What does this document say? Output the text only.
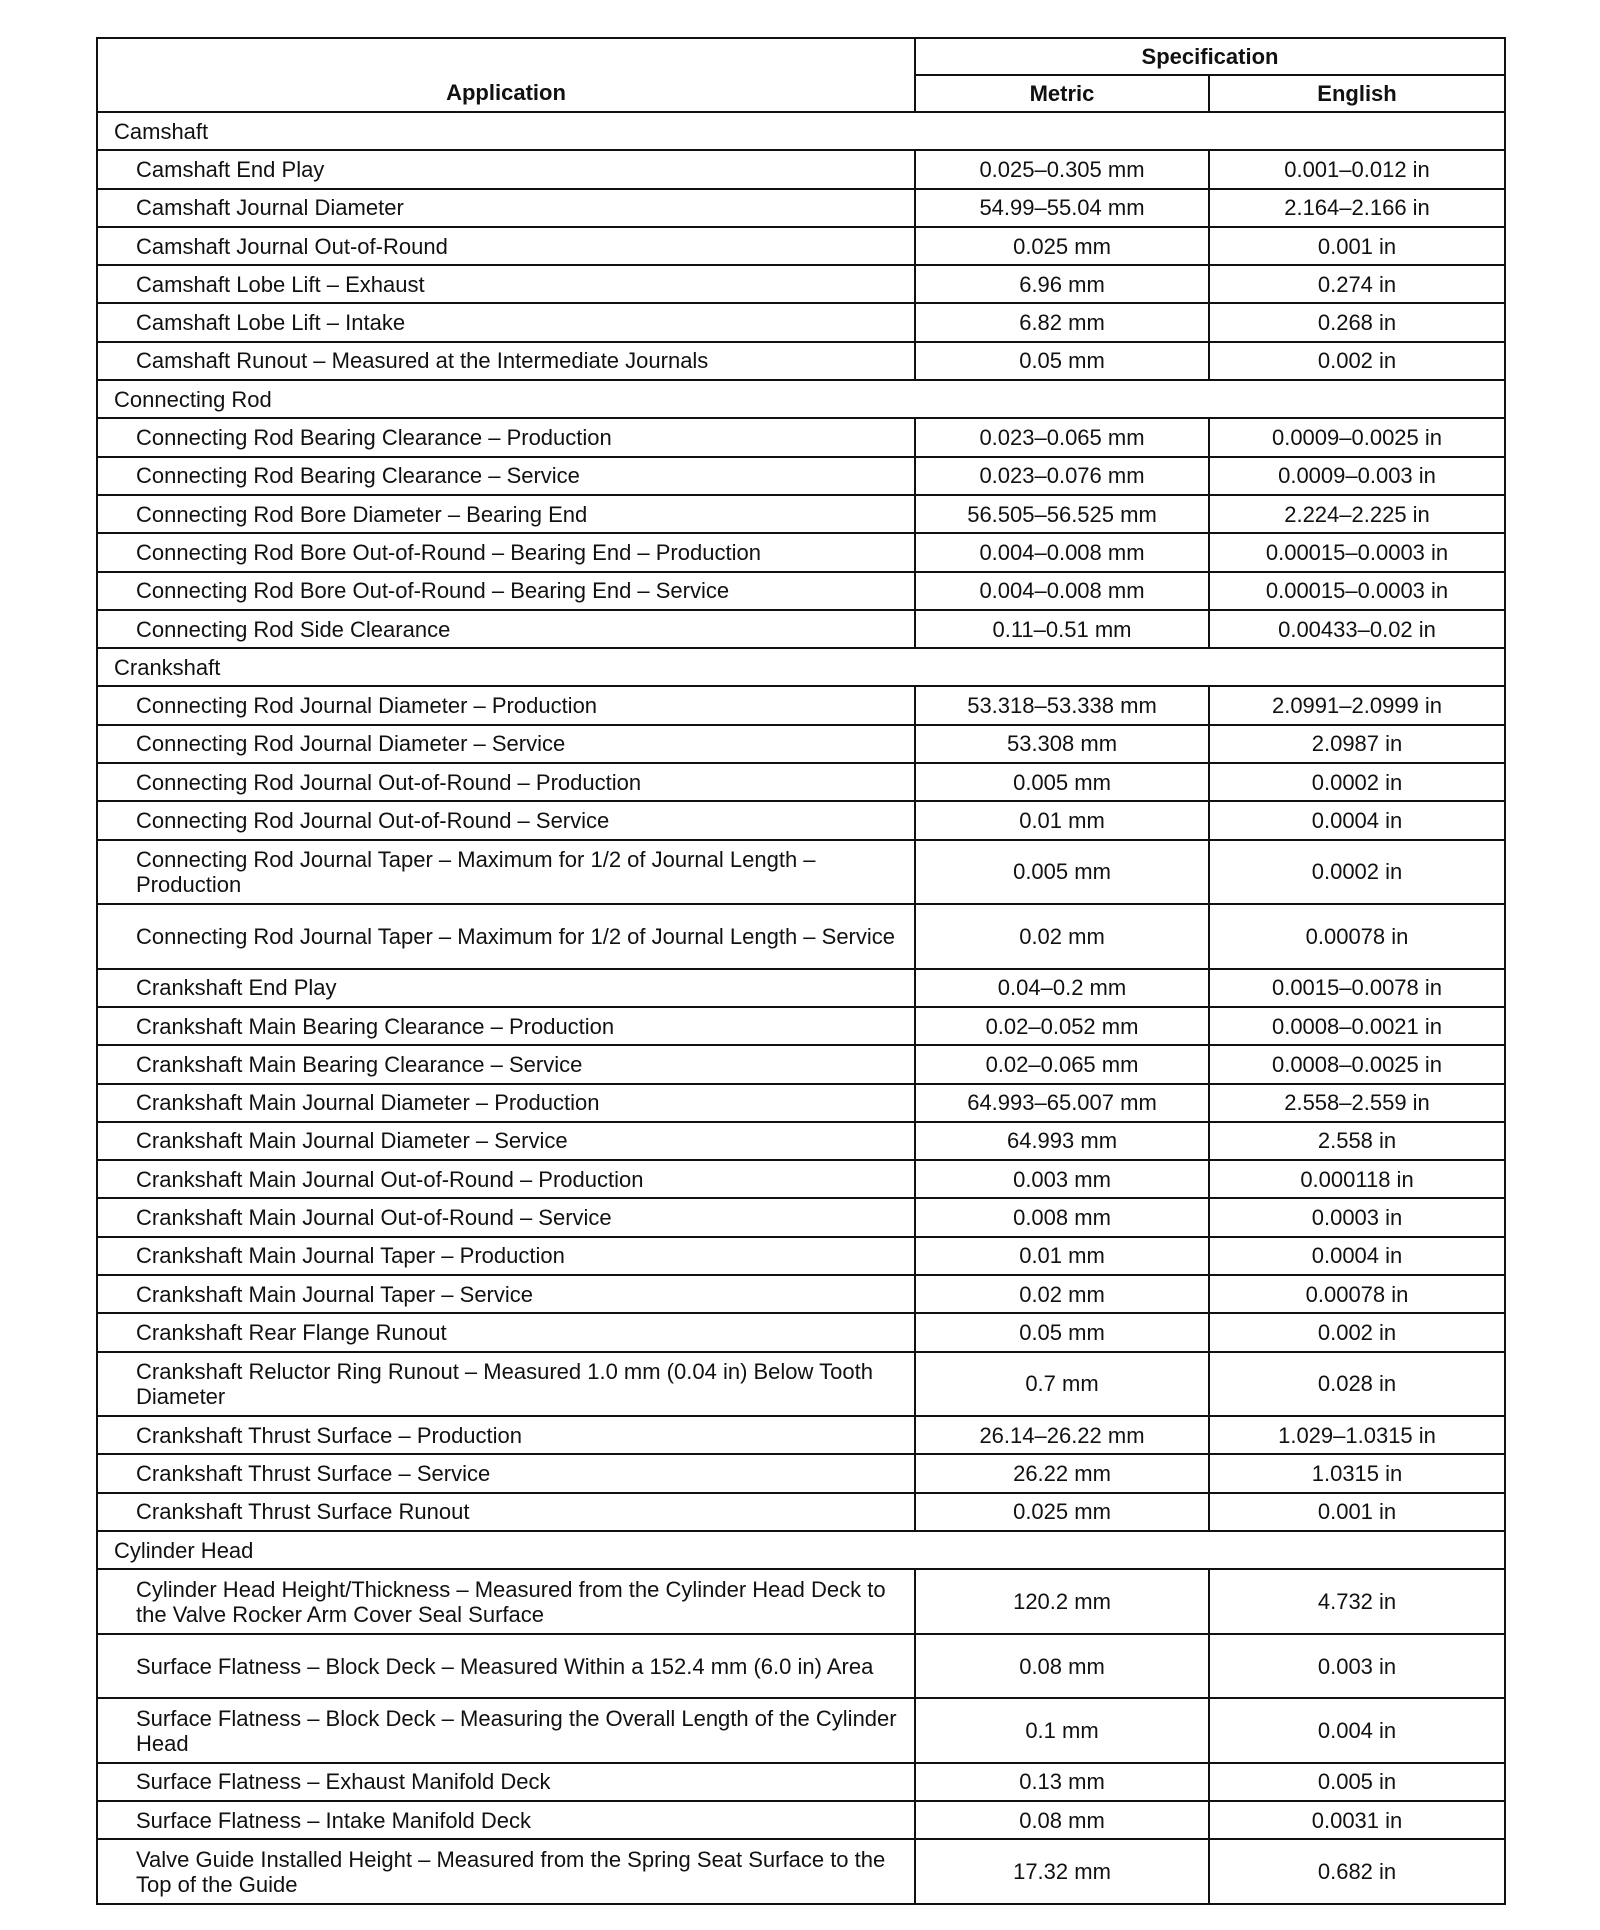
Application	Specification	
	Metric	English
Camshaft		
Camshaft End Play	0.025–0.305 mm	0.001–0.012 in
Camshaft Journal Diameter	54.99–55.04 mm	2.164–2.166 in
Camshaft Journal Out-of-Round	0.025 mm	0.001 in
Camshaft Lobe Lift – Exhaust	6.96 mm	0.274 in
Camshaft Lobe Lift – Intake	6.82 mm	0.268 in
Camshaft Runout – Measured at the Intermediate Journals	0.05 mm	0.002 in
Connecting Rod		
Connecting Rod Bearing Clearance – Production	0.023–0.065 mm	0.0009–0.0025 in
Connecting Rod Bearing Clearance – Service	0.023–0.076 mm	0.0009–0.003 in
Connecting Rod Bore Diameter – Bearing End	56.505–56.525 mm	2.224–2.225 in
Connecting Rod Bore Out-of-Round – Bearing End – Production	0.004–0.008 mm	0.00015–0.0003 in
Connecting Rod Bore Out-of-Round – Bearing End – Service	0.004–0.008 mm	0.00015–0.0003 in
Connecting Rod Side Clearance	0.11–0.51 mm	0.00433–0.02 in
Crankshaft		
Connecting Rod Journal Diameter – Production	53.318–53.338 mm	2.0991–2.0999 in
Connecting Rod Journal Diameter – Service	53.308 mm	2.0987 in
Connecting Rod Journal Out-of-Round – Production	0.005 mm	0.0002 in
Connecting Rod Journal Out-of-Round – Service	0.01 mm	0.0004 in
Connecting Rod Journal Taper – Maximum for 1/2 of Journal Length – Production	0.005 mm	0.0002 in
Connecting Rod Journal Taper – Maximum for 1/2 of Journal Length – Service	0.02 mm	0.00078 in
Crankshaft End Play	0.04–0.2 mm	0.0015–0.0078 in
Crankshaft Main Bearing Clearance – Production	0.02–0.052 mm	0.0008–0.0021 in
Crankshaft Main Bearing Clearance – Service	0.02–0.065 mm	0.0008–0.0025 in
Crankshaft Main Journal Diameter – Production	64.993–65.007 mm	2.558–2.559 in
Crankshaft Main Journal Diameter – Service	64.993 mm	2.558 in
Crankshaft Main Journal Out-of-Round – Production	0.003 mm	0.000118 in
Crankshaft Main Journal Out-of-Round – Service	0.008 mm	0.0003 in
Crankshaft Main Journal Taper – Production	0.01 mm	0.0004 in
Crankshaft Main Journal Taper – Service	0.02 mm	0.00078 in
Crankshaft Rear Flange Runout	0.05 mm	0.002 in
Crankshaft Reluctor Ring Runout – Measured 1.0 mm (0.04 in) Below Tooth Diameter	0.7 mm	0.028 in
Crankshaft Thrust Surface – Production	26.14–26.22 mm	1.029–1.0315 in
Crankshaft Thrust Surface – Service	26.22 mm	1.0315 in
Crankshaft Thrust Surface Runout	0.025 mm	0.001 in
Cylinder Head		
Cylinder Head Height/Thickness – Measured from the Cylinder Head Deck to the Valve Rocker Arm Cover Seal Surface	120.2 mm	4.732 in
Surface Flatness – Block Deck – Measured Within a 152.4 mm (6.0 in) Area	0.08 mm	0.003 in
Surface Flatness – Block Deck – Measuring the Overall Length of the Cylinder Head	0.1 mm	0.004 in
Surface Flatness – Exhaust Manifold Deck	0.13 mm	0.005 in
Surface Flatness – Intake Manifold Deck	0.08 mm	0.0031 in
Valve Guide Installed Height – Measured from the Spring Seat Surface to the Top of the Guide	17.32 mm	0.682 in
